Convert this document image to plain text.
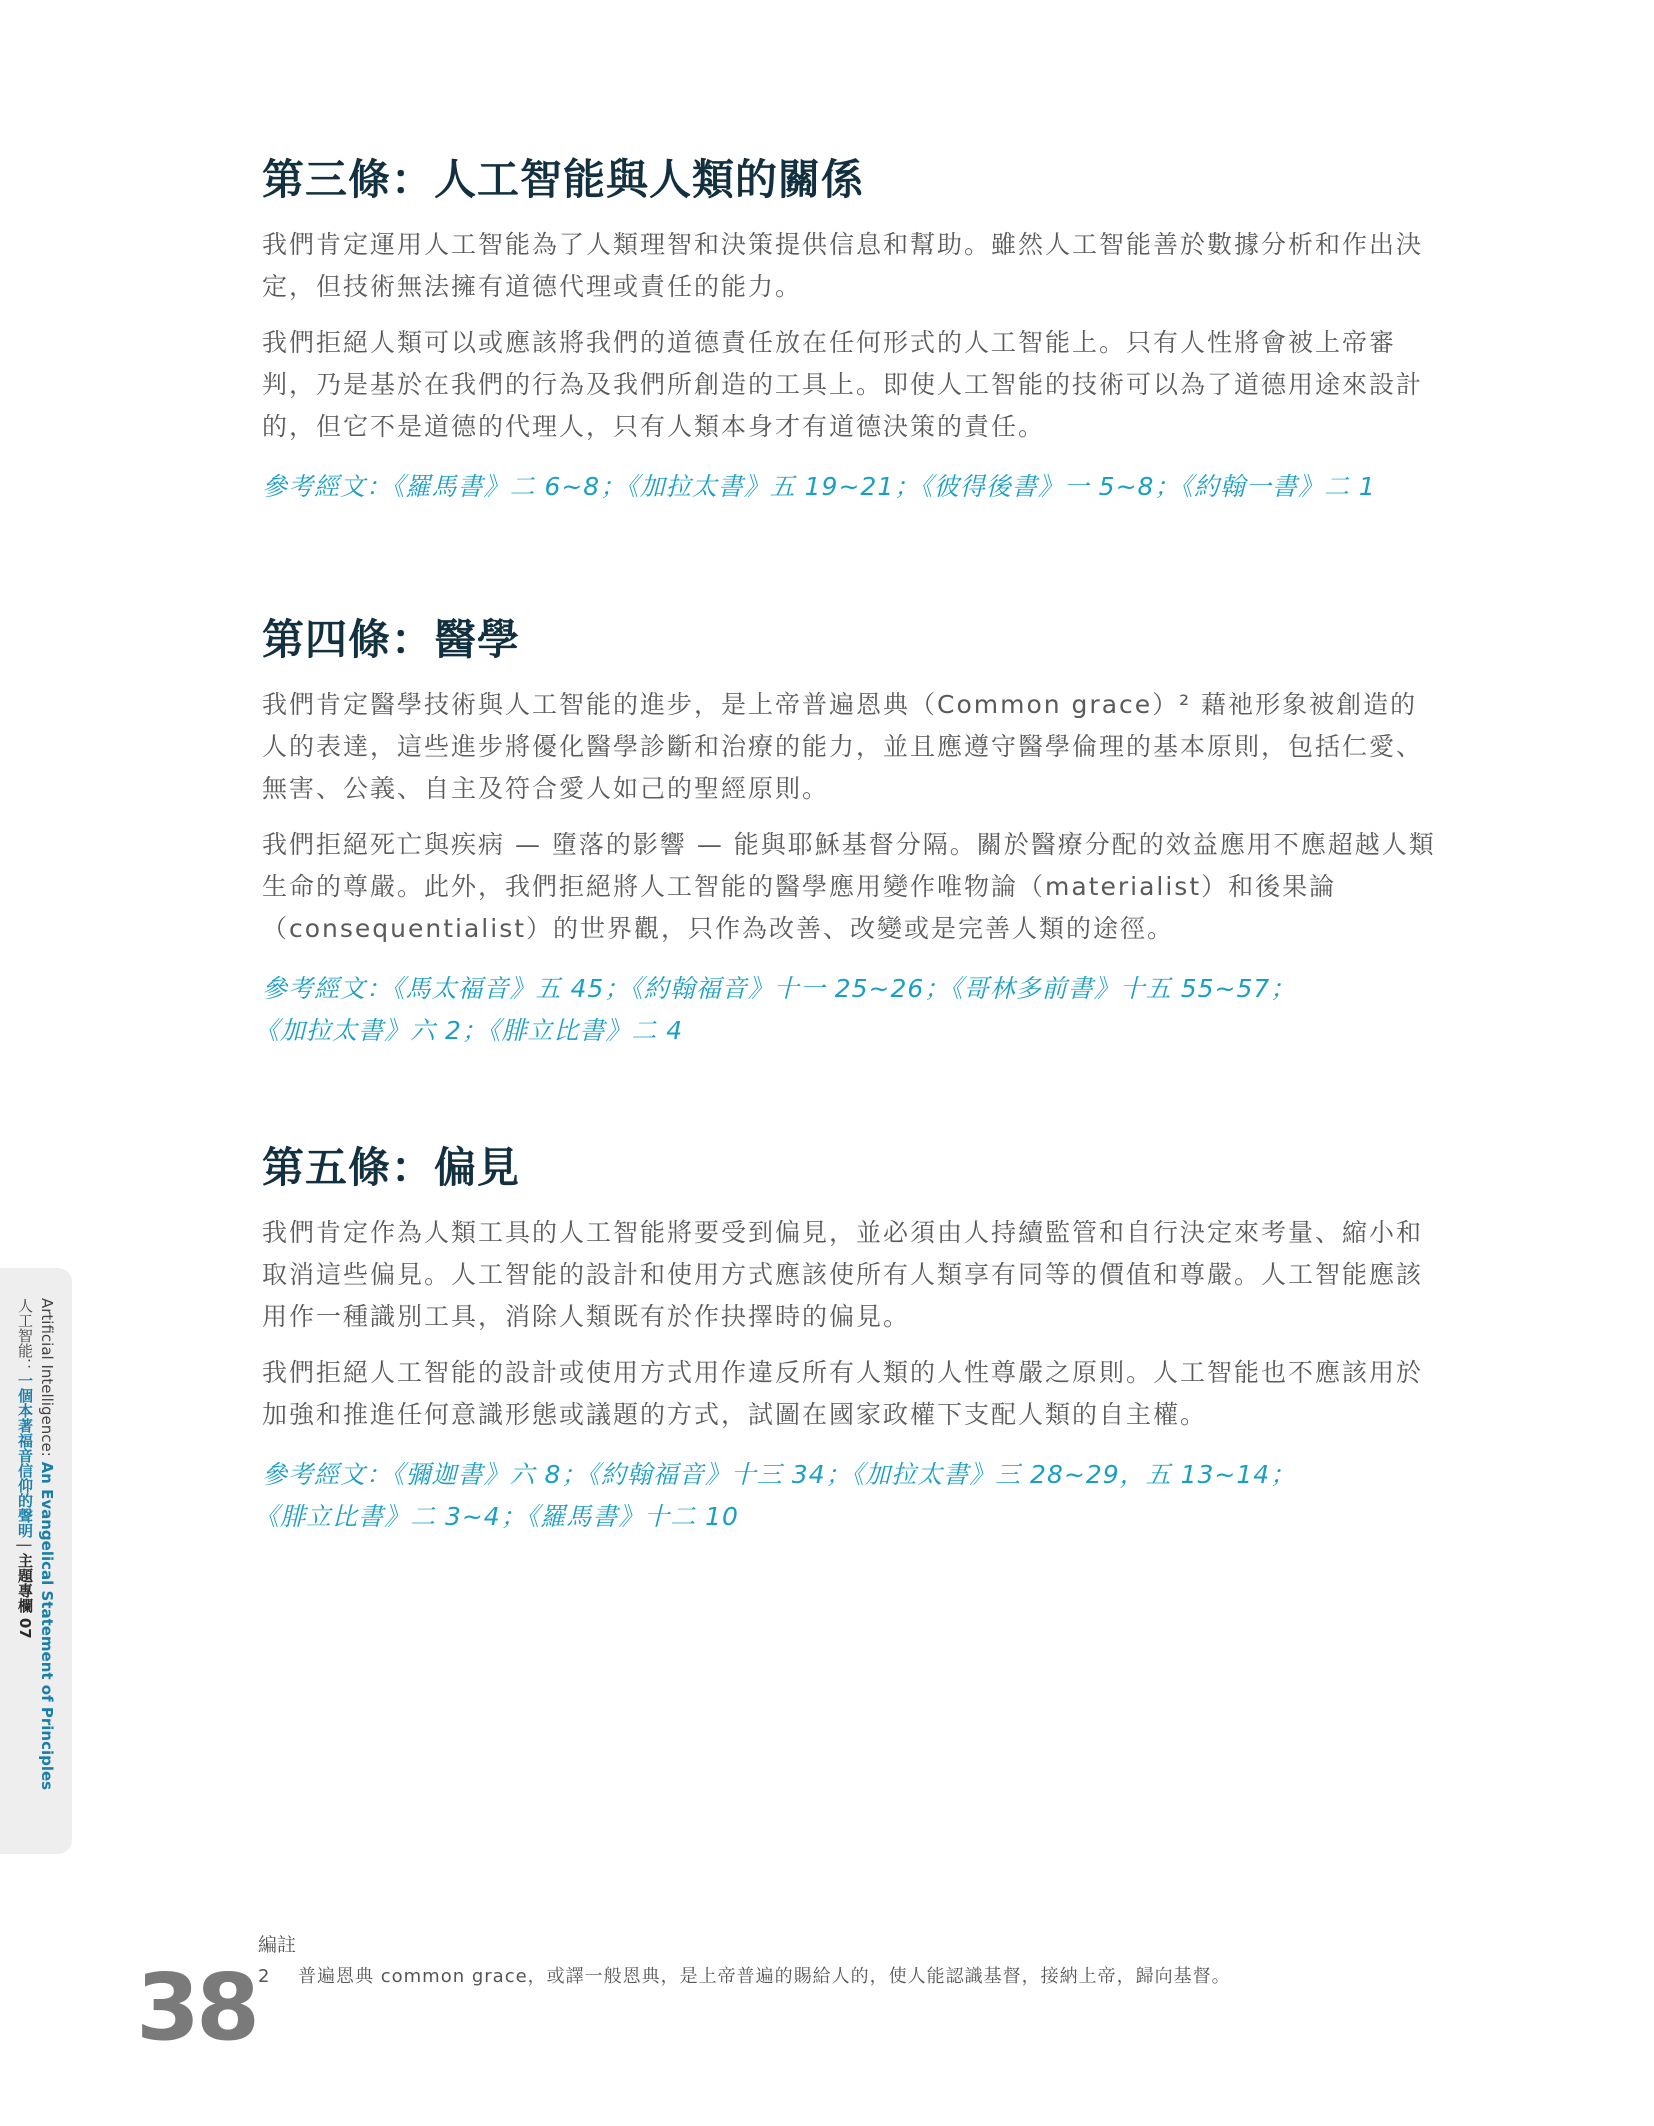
第三條：人工智能與人類的關係

我們肯定運用人工智能為了人類理智和決策提供信息和幫助。雖然人工智能善於數據分析和作出決定，但技術無法擁有道德代理或責任的能力。

我們拒絕人類可以或應該將我們的道德責任放在任何形式的人工智能上。只有人性將會被上帝審判，乃是基於在我們的行為及我們所創造的工具上。即使人工智能的技術可以為了道德用途來設計的，但它不是道德的代理人，只有人類本身才有道德決策的責任。

參考經文：《羅馬書》二 6~8；《加拉太書》五 19~21；《彼得後書》一 5~8；《約翰一書》二 1

第四條：醫學

我們肯定醫學技術與人工智能的進步，是上帝普遍恩典（Common grace）² 藉祂形象被創造的人的表達，這些進步將優化醫學診斷和治療的能力，並且應遵守醫學倫理的基本原則，包括仁愛、無害、公義、自主及符合愛人如己的聖經原則。

我們拒絕死亡與疾病 — 墮落的影響 — 能與耶穌基督分隔。關於醫療分配的效益應用不應超越人類生命的尊嚴。此外，我們拒絕將人工智能的醫學應用變作唯物論（materialist）和後果論（consequentialist）的世界觀，只作為改善、改變或是完善人類的途徑。

參考經文：《馬太福音》五 45；《約翰福音》十一 25~26；《哥林多前書》十五 55~57；
《加拉太書》六 2；《腓立比書》二 4

第五條：偏見

我們肯定作為人類工具的人工智能將要受到偏見，並必須由人持續監管和自行決定來考量、縮小和取消這些偏見。人工智能的設計和使用方式應該使所有人類享有同等的價值和尊嚴。人工智能應該用作一種識別工具，消除人類既有於作抉擇時的偏見。

我們拒絕人工智能的設計或使用方式用作違反所有人類的人性尊嚴之原則。人工智能也不應該用於加強和推進任何意識形態或議題的方式，試圖在國家政權下支配人類的自主權。

參考經文：《彌迦書》六 8；《約翰福音》十三 34；《加拉太書》三 28~29，五 13~14；
《腓立比書》二 3~4；《羅馬書》十二 10

Artificial Intelligence: An Evangelical Statement of Principles
人工智能：一個本著福音信仰的聲明 | 主題專欄 07
編註
2 普遍恩典 common grace，或譯一般恩典，是上帝普遍的賜給人的，使人能認識基督，接納上帝，歸向基督。
38
